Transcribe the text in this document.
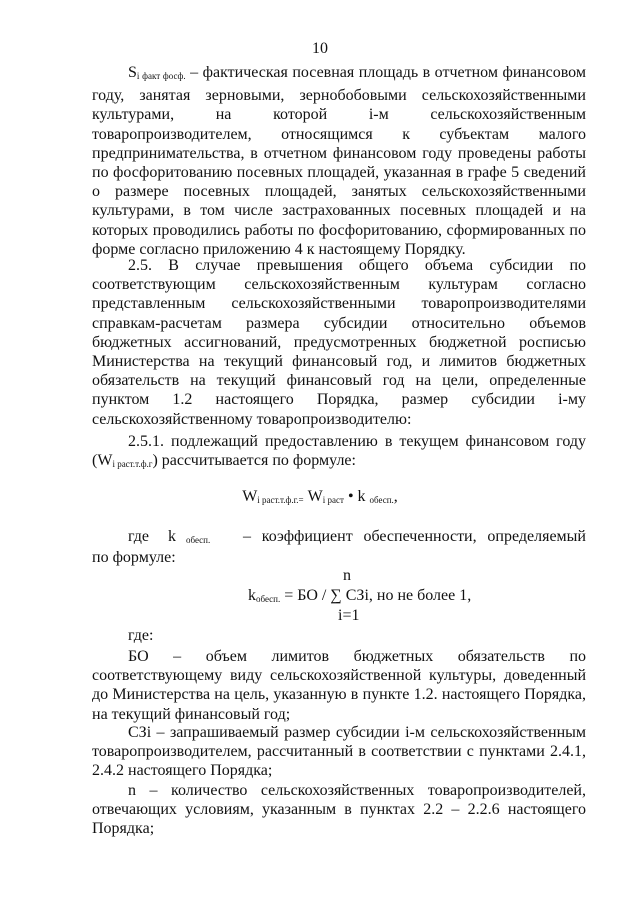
10
$S_{i факт фосф.}$ – фактическая посевная площадь в отчетном финансовом году, занятая зерновыми, зернобобовыми сельскохозяйственными культурами, на которой i-м сельскохозяйственным товаропроизводителем, относящимся к субъектам малого предпринимательства, в отчетном финансовом году проведены работы по фосфоритованию посевных площадей, указанная в графе 5 сведений о размере посевных площадей, занятых сельскохозяйственными культурами, в том числе застрахованных посевных площадей и на которых проводились работы по фосфоритованию, сформированных по форме согласно приложению 4 к настоящему Порядку.
2.5. В случае превышения общего объема субсидии по соответствующим сельскохозяйственным культурам согласно представленным сельскохозяйственными товаропроизводителями справкам-расчетам размера субсидии относительно объемов бюджетных ассигнований, предусмотренных бюджетной росписью Министерства на текущий финансовый год, и лимитов бюджетных обязательств на текущий финансовый год на цели, определенные пунктом 1.2 настоящего Порядка, размер субсидии i-му сельскохозяйственному товаропроизводителю:
2.5.1. подлежащий предоставлению в текущем финансовом году $(W_{i раст.т.ф.г})$ рассчитывается по формуле:
$W_{i раст.т.ф.г.=}$ $W_{i раст}$ • k $_{обесп.}$,
где k обесп. – коэффициент обеспеченности, определяемый
по формуле:
n
$k_{обесп.}$ = БО / ∑ СЗi, но не более 1,
i=1
где:
БО – объем лимитов бюджетных обязательств по соответствующему виду сельскохозяйственной культуры, доведенный до Министерства на цель, указанную в пункте 1.2. настоящего Порядка, на текущий финансовый год;
СЗi – запрашиваемый размер субсидии i-м сельскохозяйственным товаропроизводителем, рассчитанный в соответствии с пунктами 2.4.1, 2.4.2 настоящего Порядка;
n – количество сельскохозяйственных товаропроизводителей, отвечающих условиям, указанным в пунктах 2.2 – 2.2.6 настоящего Порядка;
